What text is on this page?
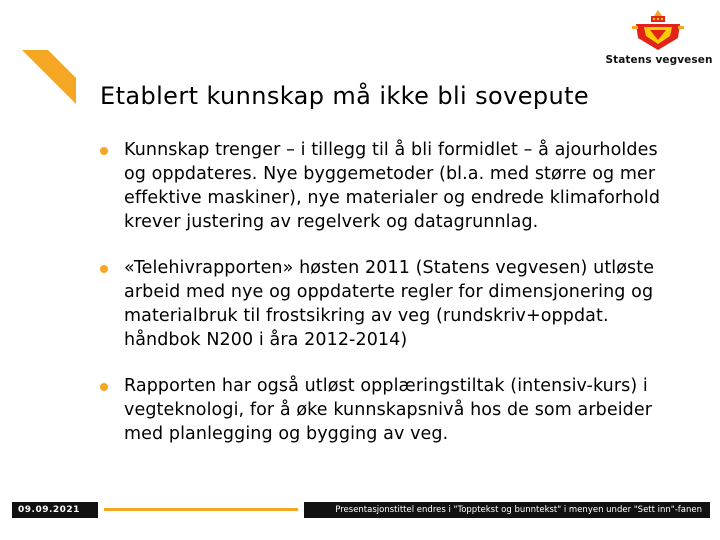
Statens vegvesen
Etablert kunnskap må ikke bli sovepute
Kunnskap trenger – i tillegg til å bli formidlet – å ajourholdes og oppdateres. Nye byggemetoder (bl.a. med større og mer effektive maskiner), nye materialer og endrede klimaforhold krever justering av regelverk og datagrunnlag.
«Telehivrapporten» høsten 2011 (Statens vegvesen) utløste arbeid med nye og oppdaterte regler for dimensjonering og materialbruk til frostsikring av veg (rundskriv+oppdat. håndbok N200 i åra 2012-2014)
Rapporten har også utløst opplæringstiltak (intensiv-kurs) i vegteknologi, for å øke kunnskapsnivå hos de som arbeider med planlegging og bygging av veg.
09.09.2021	Presentasjonstittel endres i "Topptekst og bunntekst" i menyen under "Sett inn"-fanen
